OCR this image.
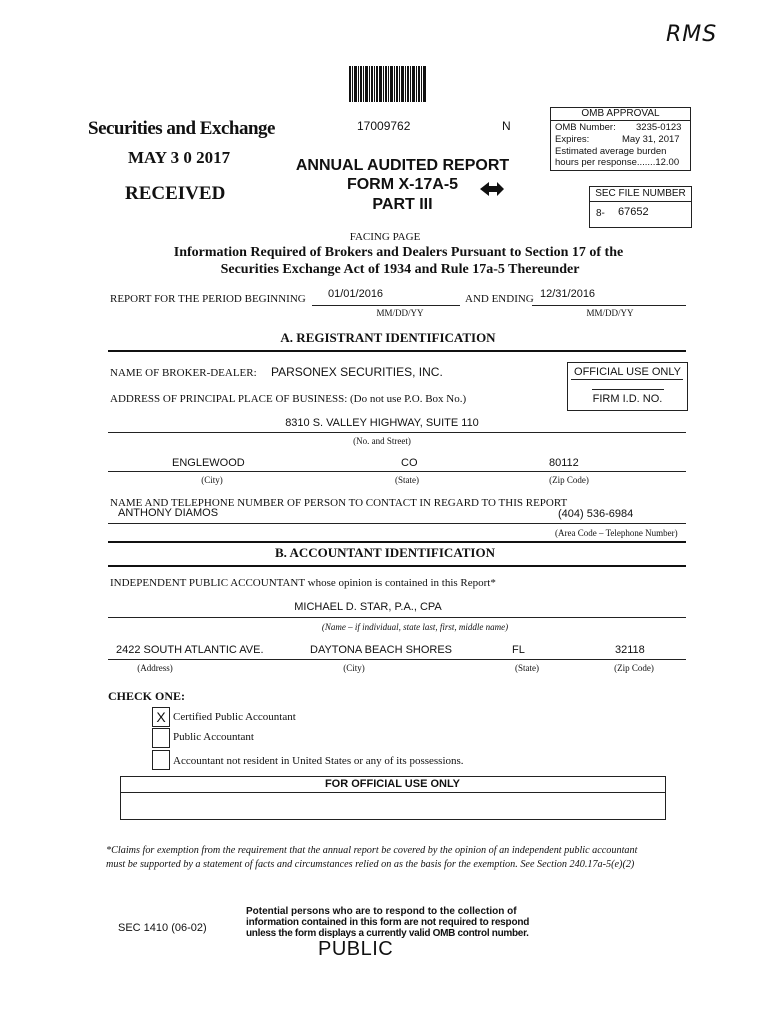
RMS
Securities and Exchange
MAY 3 0 2017
RECEIVED
17009762	N
OMB APPROVAL
OMB Number: 3235-0123
Expires:	May 31, 2017
Estimated average burden
hours per response.......12.00
ANNUAL AUDITED REPORT
FORM X-17A-5
PART III
SEC FILE NUMBER
8- 67652
FACING PAGE
Information Required of Brokers and Dealers Pursuant to Section 17 of the
Securities Exchange Act of 1934 and Rule 17a-5 Thereunder
REPORT FOR THE PERIOD BEGINNING 01/01/2016	AND ENDING 12/31/2016
MM/DD/YY	MM/DD/YY
A. REGISTRANT IDENTIFICATION
NAME OF BROKER-DEALER: PARSONEX SECURITIES, INC.	OFFICIAL USE ONLY
FIRM I.D. NO.
ADDRESS OF PRINCIPAL PLACE OF BUSINESS: (Do not use P.O. Box No.)
8310 S. VALLEY HIGHWAY, SUITE 110
(No. and Street)
ENGLEWOOD	CO	80112
(City)	(State)	(Zip Code)
NAME AND TELEPHONE NUMBER OF PERSON TO CONTACT IN REGARD TO THIS REPORT
ANTHONY DIAMOS	(404) 536-6984
(Area Code – Telephone Number)
B. ACCOUNTANT IDENTIFICATION
INDEPENDENT PUBLIC ACCOUNTANT whose opinion is contained in this Report*
MICHAEL D. STAR, P.A., CPA
(Name – if individual, state last, first, middle name)
2422 SOUTH ATLANTIC AVE.	DAYTONA BEACH SHORES	FL	32118
(Address)	(City)	(State)	(Zip Code)
CHECK ONE:
X Certified Public Accountant
Public Accountant
Accountant not resident in United States or any of its possessions.
FOR OFFICIAL USE ONLY
*Claims for exemption from the requirement that the annual report be covered by the opinion of an independent public accountant
must be supported by a statement of facts and circumstances relied on as the basis for the exemption. See Section 240.17a-5(e)(2)
SEC 1410 (06-02)
Potential persons who are to respond to the collection of
information contained in this form are not required to respond
unless the form displays a currently valid OMB control number.
PUBLIC
